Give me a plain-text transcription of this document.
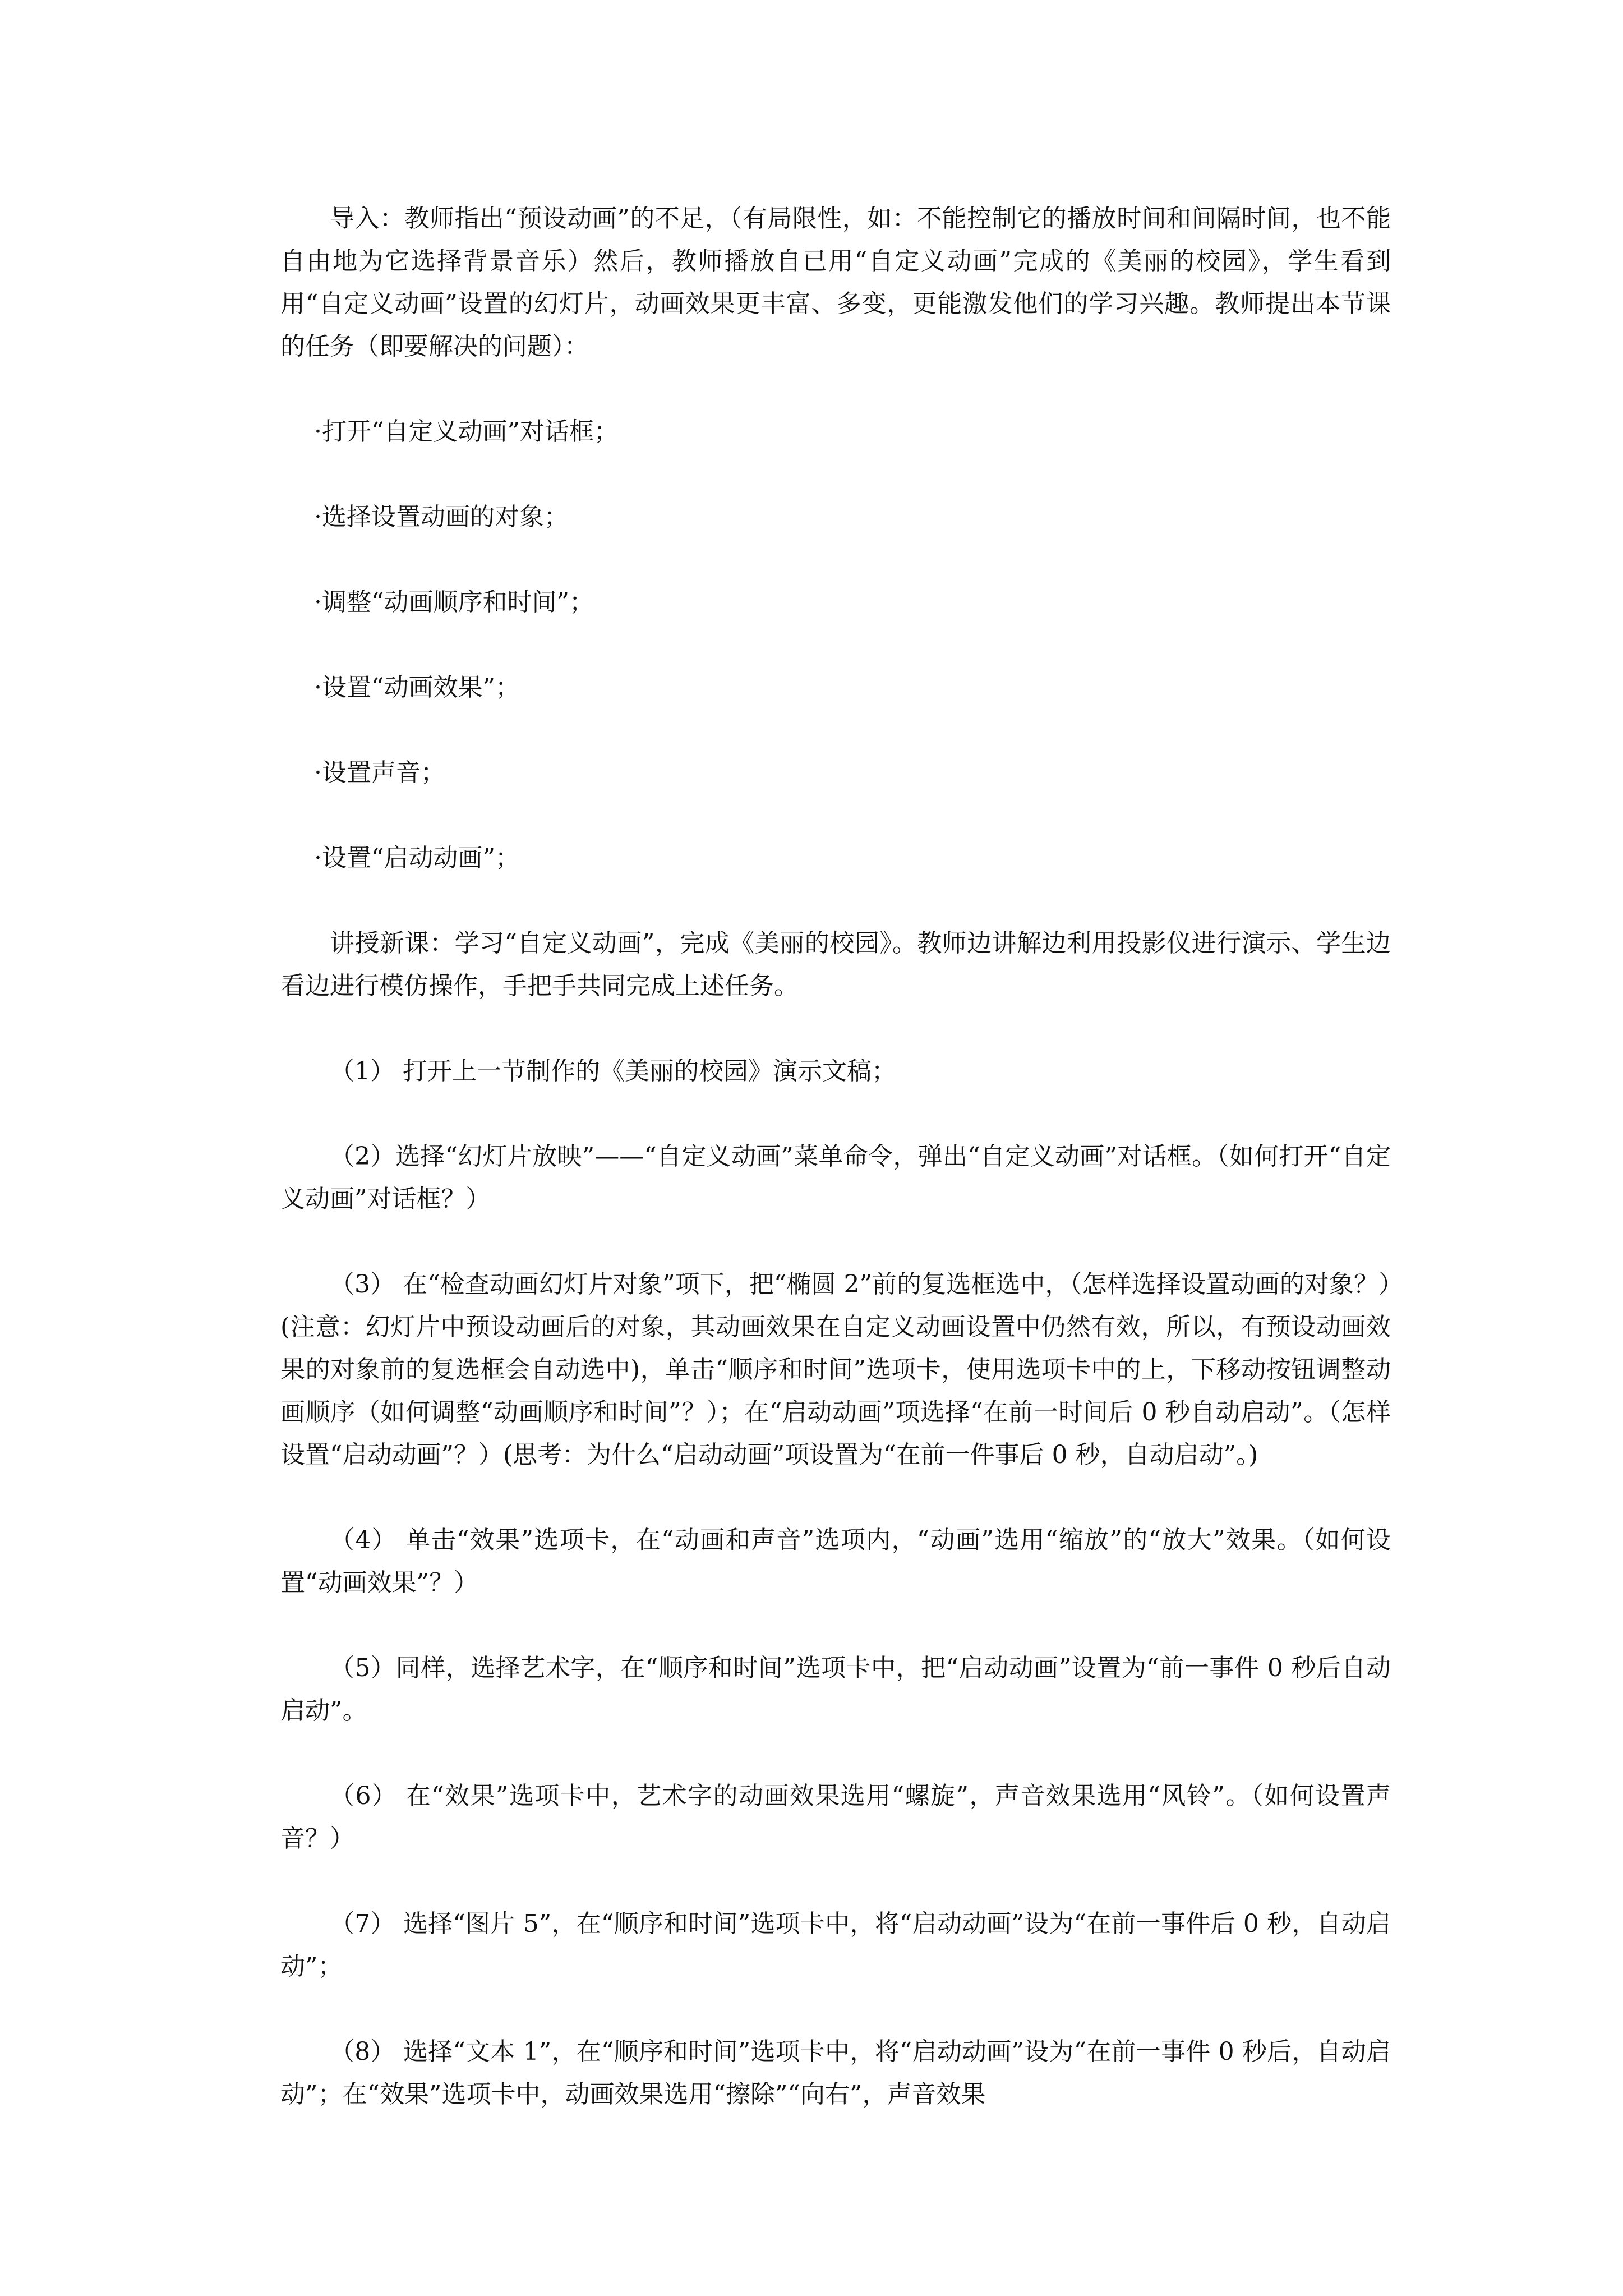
导入：教师指出“预设动画”的不足，（有局限性，如：不能控制它的播放时间和间隔时间，也不能自由地为它选择背景音乐）然后，教师播放自已用“自定义动画”完成的《美丽的校园》，学生看到用“自定义动画”设置的幻灯片，动画效果更丰富、多变，更能激发他们的学习兴趣。教师提出本节课的任务（即要解决的问题）：

·打开“自定义动画”对话框；

·选择设置动画的对象；

·调整“动画顺序和时间”；

·设置“动画效果”；

·设置声音；

·设置“启动动画”；

讲授新课：学习“自定义动画”，完成《美丽的校园》。教师边讲解边利用投影仪进行演示、学生边看边进行模仿操作，手把手共同完成上述任务。

（1） 打开上一节制作的《美丽的校园》演示文稿；

（2）选择“幻灯片放映”——“自定义动画”菜单命令，弹出“自定义动画”对话框。（如何打开“自定义动画”对话框？）

（3） 在“检查动画幻灯片对象”项下，把“椭圆 2”前的复选框选中，（怎样选择设置动画的对象？）(注意：幻灯片中预设动画后的对象，其动画效果在自定义动画设置中仍然有效，所以，有预设动画效果的对象前的复选框会自动选中)，单击“顺序和时间”选项卡，使用选项卡中的上，下移动按钮调整动画顺序（如何调整“动画顺序和时间”？）；在“启动动画”项选择“在前一时间后 0 秒自动启动”。（怎样设置“启动动画”？）(思考：为什么“启动动画”项设置为“在前一件事后 0 秒，自动启动”。)

（4） 单击“效果”选项卡，在“动画和声音”选项内，“动画”选用“缩放”的“放大”效果。（如何设置“动画效果”？）

（5）同样，选择艺术字，在“顺序和时间”选项卡中，把“启动动画”设置为“前一事件 0 秒后自动启动”。

（6） 在“效果”选项卡中，艺术字的动画效果选用“螺旋”，声音效果选用“风铃”。（如何设置声音？）

（7） 选择“图片 5”，在“顺序和时间”选项卡中，将“启动动画”设为“在前一事件后 0 秒，自动启动”；

（8） 选择“文本 1”，在“顺序和时间”选项卡中，将“启动动画”设为“在前一事件 0 秒后，自动启动”；在“效果”选项卡中，动画效果选用“擦除”“向右”，声音效果
